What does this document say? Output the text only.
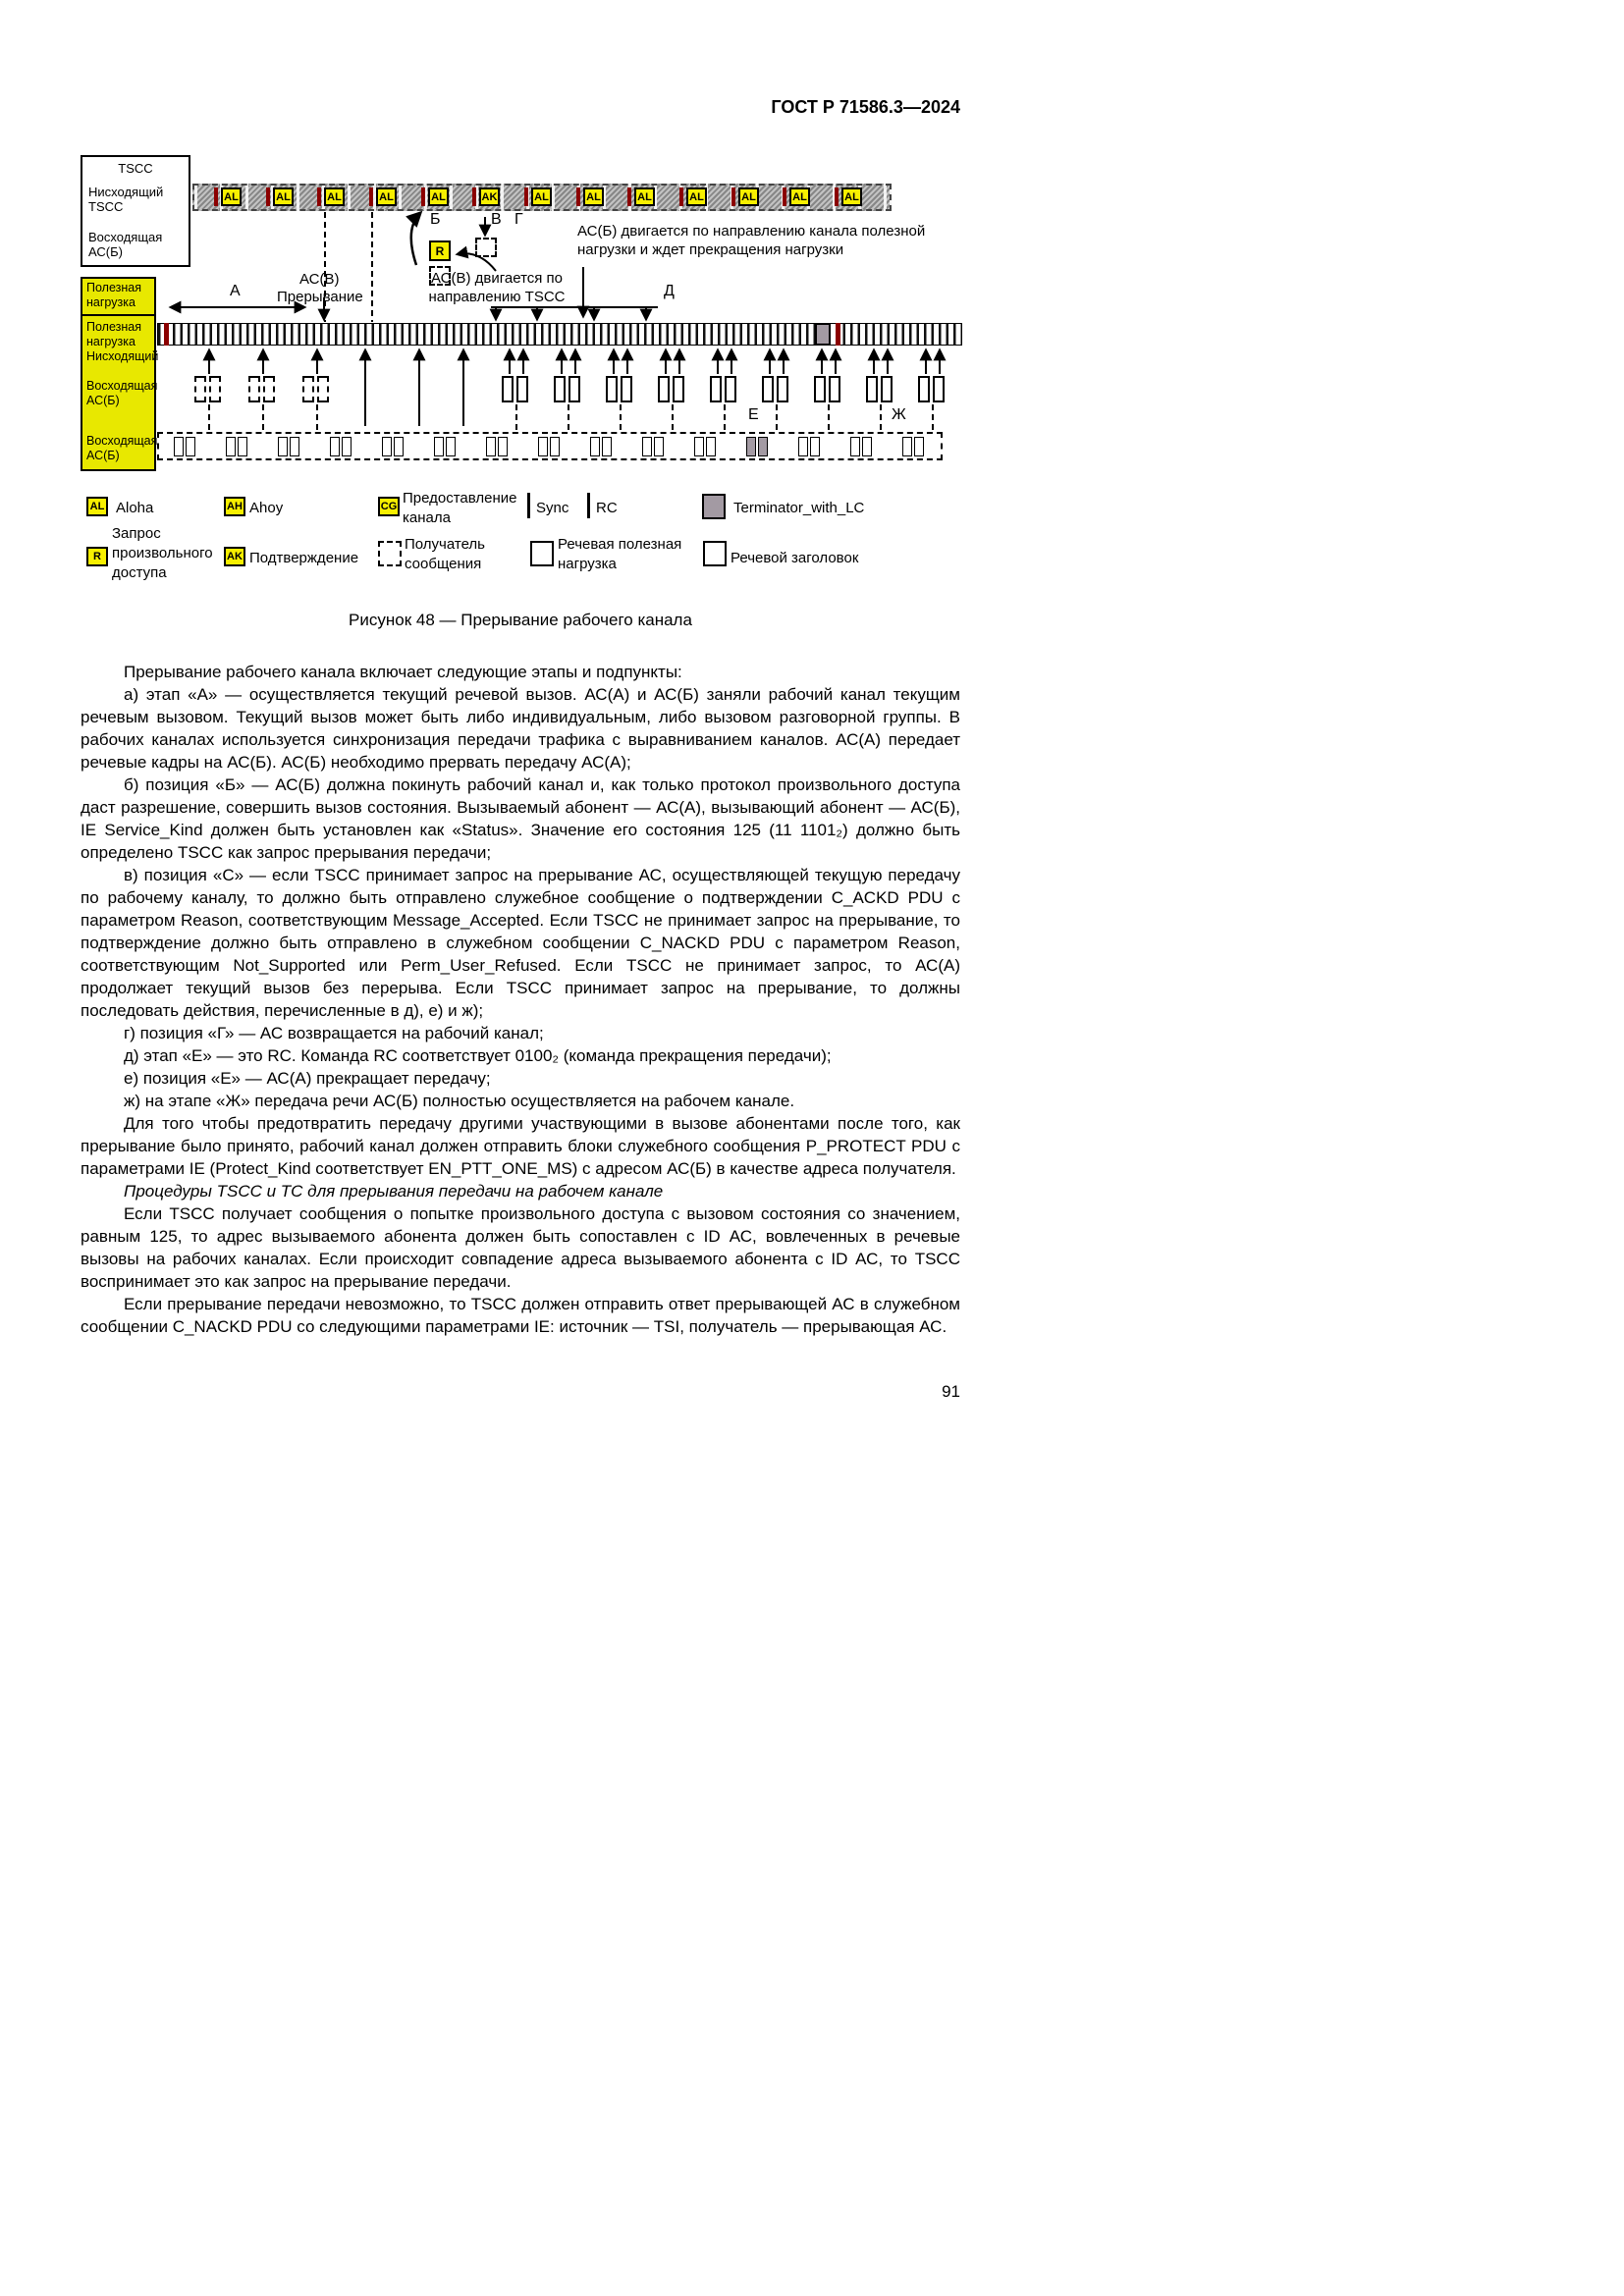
ГОСТ Р 71586.3—2024
TSCC
Нисходящий TSCC
Восходящая АС(Б)
AL	AL	AL	AL	AL	AL	AL	AL	AL	AL	AL	AL
AK
R
Б	В Г
А	Д
Е	Ж
АС(В)
Прерывание
АС(Б) двигается по направлению канала полезной нагрузки и ждет прекращения нагрузки
АС(В) двигается по направлению TSCC
Полезная нагрузка
Полезная нагрузка Нисходящий
Восходящая АС(Б)
Восходящая АС(Б)
AL Aloha	AH Ahoy	CG Предоставление канала
Sync RC	Terminator_with_LC
R
Запрос произвольного доступа
AK Подтверждение
Получатель сообщения
Речевая полезная нагрузка	Речевой заголовок
Рисунок 48 — Прерывание рабочего канала

Прерывание рабочего канала включает следующие этапы и подпункты:

а) этап «А» — осуществляется текущий речевой вызов. АС(А) и АС(Б) заняли рабочий канал текущим речевым вызовом. Текущий вызов может быть либо индивидуальным, либо вызовом разговорной группы. В рабочих каналах используется синхронизация передачи трафика с выравниванием каналов. АС(А) передает речевые кадры на АС(Б). АС(Б) необходимо прервать передачу АС(А);

б) позиция «Б» — АС(Б) должна покинуть рабочий канал и, как только протокол произвольного доступа даст разрешение, совершить вызов состояния. Вызываемый абонент — АС(А), вызывающий абонент — АС(Б), IE Service_Kind должен быть установлен как «Status». Значение его состояния 125 (11 1101₂) должно быть определено TSCC как запрос прерывания передачи;

в) позиция «С» — если TSCC принимает запрос на прерывание АС, осуществляющей текущую передачу по рабочему каналу, то должно быть отправлено служебное сообщение о подтверждении C_ACKD PDU с параметром Reason, соответствующим Message_Accepted. Если TSCC не принимает запрос на прерывание, то подтверждение должно быть отправлено в служебном сообщении C_NACKD PDU с параметром Reason, соответствующим Not_Supported или Perm_User_Refused. Если TSCC не принимает запрос, то АС(А) продолжает текущий вызов без перерыва. Если TSCC принимает запрос на прерывание, то должны последовать действия, перечисленные в д), е) и ж);

г) позиция «Г» — АС возвращается на рабочий канал;

д) этап «Е» — это RC. Команда RC соответствует 0100₂ (команда прекращения передачи);

е) позиция «Е» — АС(А) прекращает передачу;

ж) на этапе «Ж» передача речи АС(Б) полностью осуществляется на рабочем канале.

Для того чтобы предотвратить передачу другими участвующими в вызове абонентами после того, как прерывание было принято, рабочий канал должен отправить блоки служебного сообщения P_PROTECT PDU с параметрами IE (Protect_Kind соответствует EN_PTT_ONE_MS) с адресом АС(Б) в качестве адреса получателя.

Процедуры TSCC и ТС для прерывания передачи на рабочем канале

Если TSCC получает сообщения о попытке произвольного доступа с вызовом состояния со значением, равным 125, то адрес вызываемого абонента должен быть сопоставлен с ID АС, вовлеченных в речевые вызовы на рабочих каналах. Если происходит совпадение адреса вызываемого абонента с ID АС, то TSCC воспринимает это как запрос на прерывание передачи.

Если прерывание передачи невозможно, то TSCC должен отправить ответ прерывающей АС в служебном сообщении C_NACKD PDU со следующими параметрами IE: источник — TSI, получатель — прерывающая АС.

91
